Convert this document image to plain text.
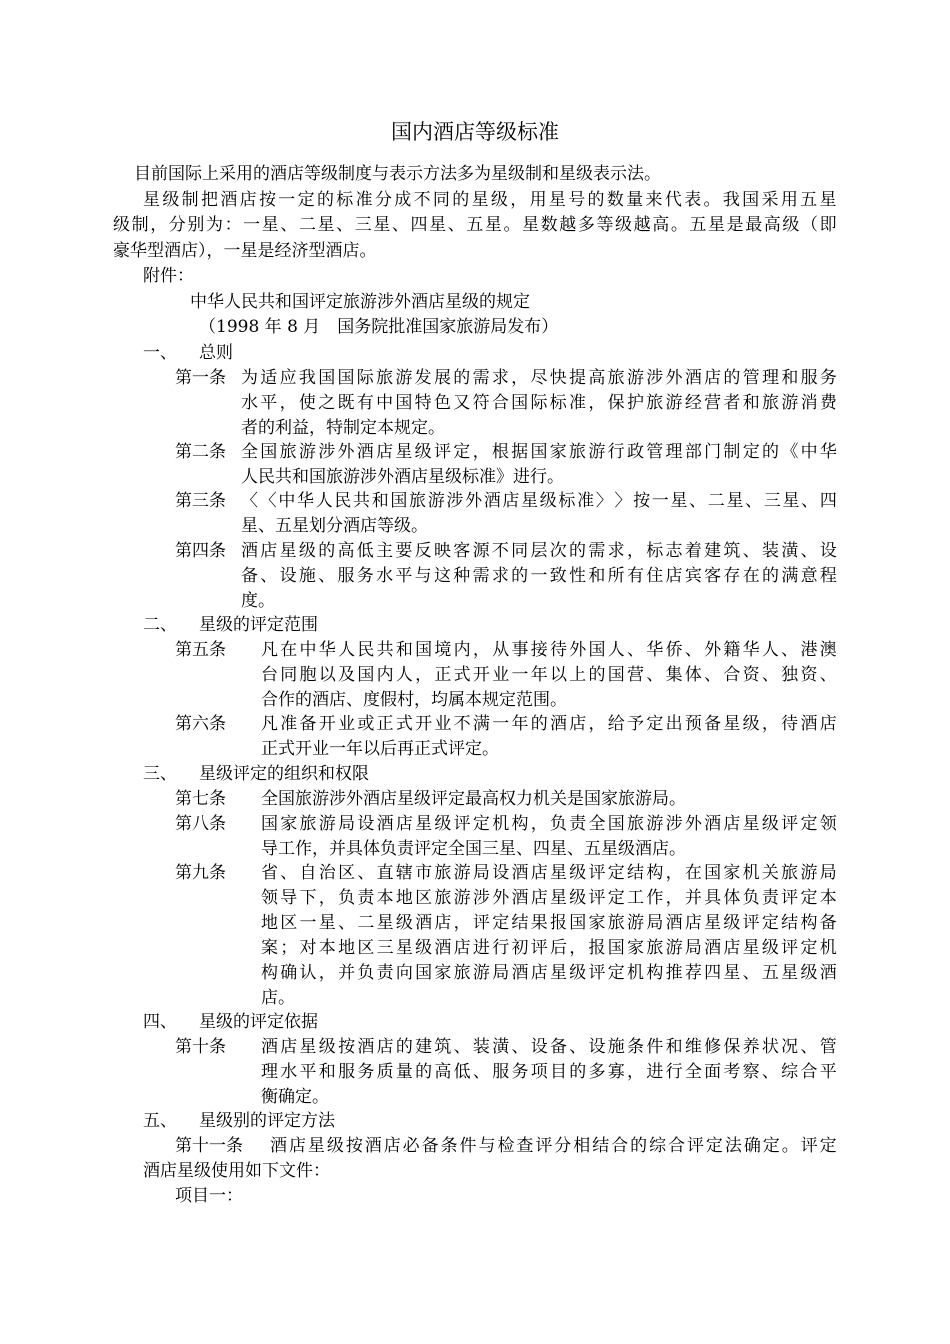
国内酒店等级标准
目前国际上采用的酒店等级制度与表示方法多为星级制和星级表示法。
星 级 制 把 酒 店 按 一 定 的 标 准 分 成 不 同 的 星 级 ， 用 星 号 的 数 量 来 代 表 。 我 国 采 用 五 星
级 制 ， 分 别 为 ： 一 星 、 二 星 、 三 星 、 四 星 、 五 星 。 星 数 越 多 等 级 越 高 。 五 星 是 最 高 级 （ 即
豪华型酒店），一星是经济型酒店。
附件：
中华人民共和国评定旅游涉外酒店星级的规定
（1998 年 8 月　国务院批准国家旅游局发布）
一、 总则
第一条 为 适 应 我 国 国 际 旅 游 发 展 的 需 求 ， 尽 快 提 高 旅 游 涉 外 酒 店 的 管 理 和 服 务
水 平 ， 使 之 既 有 中 国 特 色 又 符 合 国 际 标 准 ， 保 护 旅 游 经 营 者 和 旅 游 消 费
者的利益，特制定本规定。
第二条 全 国 旅 游 涉 外 酒 店 星 级 评 定 ， 根 据 国 家 旅 游 行 政 管 理 部 门 制 定 的 《 中 华
人民共和国旅游涉外酒店星级标准》进行。
第三条 〈 〈 中 华 人 民 共 和 国 旅 游 涉 外 酒 店 星 级 标 准 〉 〉 按 一 星 、 二 星 、 三 星 、 四
星、五星划分酒店等级。
第四条 酒 店 星 级 的 高 低 主 要 反 映 客 源 不 同 层 次 的 需 求 ， 标 志 着 建 筑 、 装 潢 、 设
备 、 设 施 、 服 务 水 平 与 这 种 需 求 的 一 致 性 和 所 有 住 店 宾 客 存 在 的 满 意 程
度。
二、 星级的评定范围
第五条 凡 在 中 华 人 民 共 和 国 境 内 ， 从 事 接 待 外 国 人 、 华 侨 、 外 籍 华 人 、 港 澳
台 同 胞 以 及 国 内 人 ， 正 式 开 业 一 年 以 上 的 国 营 、 集 体 、 合 资 、 独 资 、
合作的酒店、度假村，均属本规定范围。
第六条 凡 准 备 开 业 或 正 式 开 业 不 满 一 年 的 酒 店 ， 给 予 定 出 预 备 星 级 ， 待 酒 店
正式开业一年以后再正式评定。
三、 星级评定的组织和权限
第七条 全国旅游涉外酒店星级评定最高权力机关是国家旅游局。
第八条 国 家 旅 游 局 设 酒 店 星 级 评 定 机 构 ， 负 责 全 国 旅 游 涉 外 酒 店 星 级 评 定 领
导工作，并具体负责评定全国三星、四星、五星级酒店。
第九条 省 、 自 治 区 、 直 辖 市 旅 游 局 设 酒 店 星 级 评 定 结 构 ， 在 国 家 机 关 旅 游 局
领 导 下 ， 负 责 本 地 区 旅 游 涉 外 酒 店 星 级 评 定 工 作 ， 并 具 体 负 责 评 定 本
地 区 一 星 、 二 星 级 酒 店 ， 评 定 结 果 报 国 家 旅 游 局 酒 店 星 级 评 定 结 构 备
案 ； 对 本 地 区 三 星 级 酒 店 进 行 初 评 后 ， 报 国 家 旅 游 局 酒 店 星 级 评 定 机
构 确 认 ， 并 负 责 向 国 家 旅 游 局 酒 店 星 级 评 定 机 构 推 荐 四 星 、 五 星 级 酒
店。
四、 星级的评定依据
第十条 酒 店 星 级 按 酒 店 的 建 筑 、 装 潢 、 设 备 、 设 施 条 件 和 维 修 保 养 状 况 、 管
理 水 平 和 服 务 质 量 的 高 低 、 服 务 项 目 的 多 寡 ， 进 行 全 面 考 察 、 综 合 平
衡确定。
五、 星级别的评定方法
第十一条 酒 店 星 级 按 酒 店 必 备 条 件 与 检 查 评 分 相 结 合 的 综 合 评 定 法 确 定 。 评 定
酒店星级使用如下文件：
项目一：
